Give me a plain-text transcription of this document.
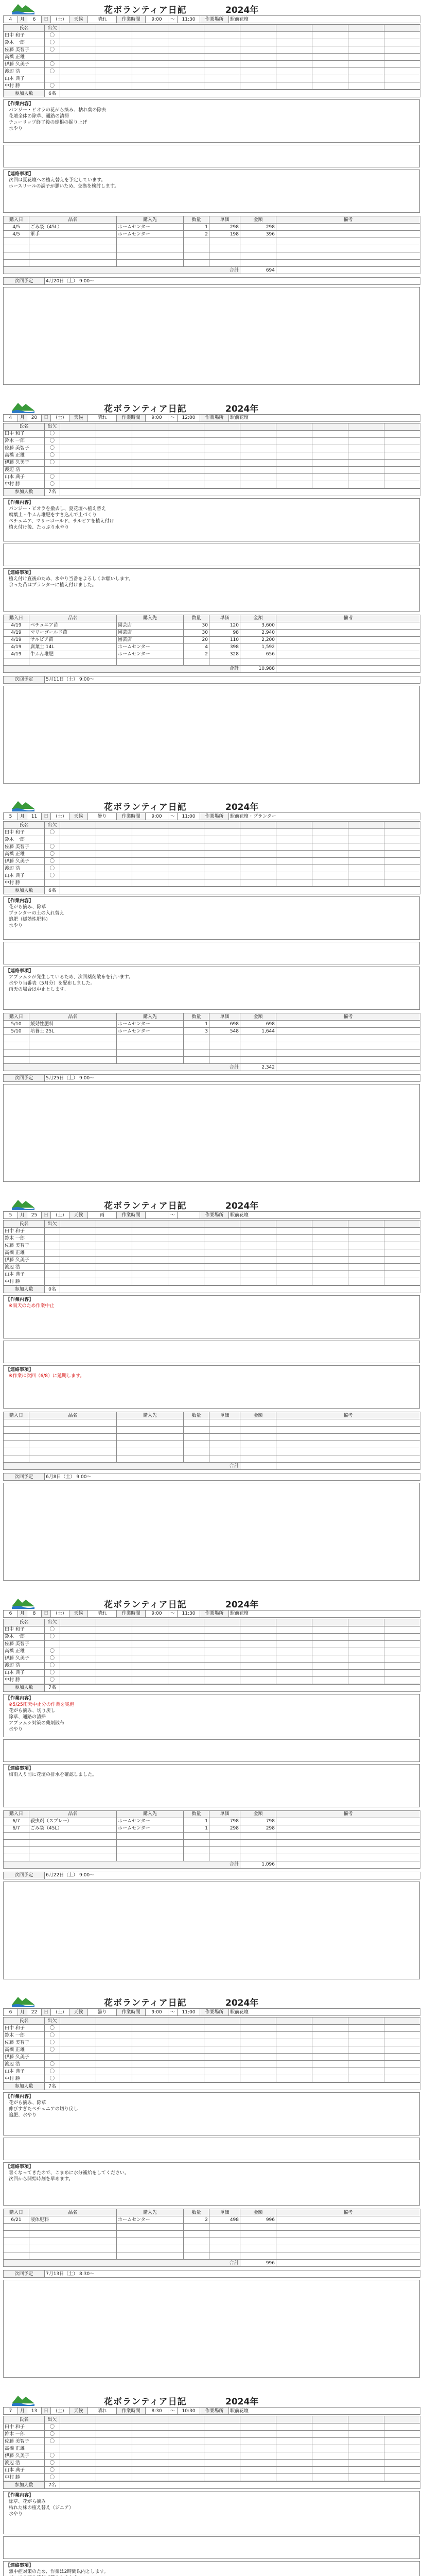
花ボランティア日記	2024年
4	月	6	日	(土)	天候	晴れ	作業時間	9:00	〜	11:30	作業場所	駅前花壇
氏名	出欠										
田中 和子	〇										
鈴木 一郎	〇										
佐藤 美智子	〇										
高橋 正雄											
伊藤 久美子	〇										
渡辺 浩	〇										
山本 典子											
中村 勝	〇										
参加人数	6名	
【作業内容】
パンジー・ビオラの花がら摘み、枯れ葉の除去
花壇全体の除草、通路の清掃
チューリップ終了後の球根の掘り上げ
水やり
【連絡事項】
次回は夏花壇への植え替えを予定しています。
ホースリールの調子が悪いため、交換を検討します。
購入日	品名	購入先	数量	単価	金額	備考
4/5	ごみ袋（45L）	ホームセンター	1	298	298	
4/5	軍手	ホームセンター	2	198	396	

合計					694	
次回予定	4月20日（土） 9:00〜
花ボランティア日記	2024年
4	月	20	日	(土)	天候	晴れ	作業時間	9:00	〜	12:00	作業場所	駅前花壇
氏名	出欠										
田中 和子	〇										
鈴木 一郎	〇										
佐藤 美智子	〇										
高橋 正雄	〇										
伊藤 久美子	〇										
渡辺 浩											
山本 典子	〇										
中村 勝	〇										
参加人数	7名	
【作業内容】
パンジー・ビオラを撤去し、夏花壇へ植え替え
腐葉土・牛ふん堆肥をすき込んで土づくり
ペチュニア、マリーゴールド、サルビアを植え付け
植え付け後、たっぷり水やり
【連絡事項】
植え付け直後のため、水やり当番をよろしくお願いします。
余った苗はプランターに植え付けました。
購入日	品名	購入先	数量	単価	金額	備考
4/19	ペチュニア苗	園芸店	30	120	3,600	
4/19	マリーゴールド苗	園芸店	30	98	2,940	
4/19	サルビア苗	園芸店	20	110	2,200	
4/19	腐葉土 14L	ホームセンター	4	398	1,592	
4/19	牛ふん堆肥	ホームセンター	2	328	656	

合計					10,988	
次回予定	5月11日（土） 9:00〜
花ボランティア日記	2024年
5	月	11	日	(土)	天候	曇り	作業時間	9:00	〜	11:00	作業場所	駅前花壇・プランター
氏名	出欠										
田中 和子	〇										
鈴木 一郎											
佐藤 美智子	〇										
高橋 正雄	〇										
伊藤 久美子	〇										
渡辺 浩	〇										
山本 典子	〇										
中村 勝											
参加人数	6名	
【作業内容】
花がら摘み、除草
プランターの土の入れ替え
追肥（緩効性肥料）
水やり
【連絡事項】
アブラムシが発生しているため、次回薬剤散布を行います。
水やり当番表（5月分）を配布しました。
雨天の場合は中止とします。
購入日	品名	購入先	数量	単価	金額	備考
5/10	緩効性肥料	ホームセンター	1	698	698	
5/10	培養土 25L	ホームセンター	3	548	1,644	

合計					2,342	
次回予定	5月25日（土） 9:00〜
花ボランティア日記	2024年
5	月	25	日	(土)	天候	雨	作業時間		〜		作業場所	駅前花壇
氏名	出欠										
田中 和子											
鈴木 一郎											
佐藤 美智子											
高橋 正雄											
伊藤 久美子											
渡辺 浩											
山本 典子											
中村 勝											
参加人数	0名	
【作業内容】
※雨天のため作業中止
【連絡事項】
※作業は次回（6/8）に延期します。
購入日	品名	購入先	数量	単価	金額	備考

合計						
次回予定	6月8日（土） 9:00〜
花ボランティア日記	2024年
6	月	8	日	(土)	天候	晴れ	作業時間	9:00	〜	11:30	作業場所	駅前花壇
氏名	出欠										
田中 和子	〇										
鈴木 一郎	〇										
佐藤 美智子											
高橋 正雄	〇										
伊藤 久美子	〇										
渡辺 浩	〇										
山本 典子	〇										
中村 勝	〇										
参加人数	7名	
【作業内容】
※5/25雨天中止分の作業を実施
花がら摘み、切り戻し
除草、通路の清掃
アブラムシ対策の薬剤散布
水やり
【連絡事項】
梅雨入り前に花壇の排水を確認しました。
購入日	品名	購入先	数量	単価	金額	備考
6/7	殺虫剤（スプレー）	ホームセンター	1	798	798	
6/7	ごみ袋（45L）	ホームセンター	1	298	298	

合計					1,096	
次回予定	6月22日（土） 9:00〜
花ボランティア日記	2024年
6	月	22	日	(土)	天候	曇り	作業時間	9:00	〜	11:00	作業場所	駅前花壇
氏名	出欠										
田中 和子	〇										
鈴木 一郎	〇										
佐藤 美智子	〇										
高橋 正雄	〇										
伊藤 久美子											
渡辺 浩	〇										
山本 典子	〇										
中村 勝	〇										
参加人数	7名	
【作業内容】
花がら摘み、除草
伸びすぎたペチュニアの切り戻し
追肥、水やり
【連絡事項】
暑くなってきたので、こまめに水分補給をしてください。
次回から開始時刻を早めます。
購入日	品名	購入先	数量	単価	金額	備考
6/21	液体肥料	ホームセンター	2	498	996	

合計					996	
次回予定	7月13日（土） 8:30〜
花ボランティア日記	2024年
7	月	13	日	(土)	天候	晴れ	作業時間	8:30	〜	10:30	作業場所	駅前花壇
氏名	出欠										
田中 和子	〇										
鈴木 一郎	〇										
佐藤 美智子	〇										
高橋 正雄											
伊藤 久美子	〇										
渡辺 浩	〇										
山本 典子	〇										
中村 勝	〇										
参加人数	7名	
【作業内容】
除草、花がら摘み
枯れた株の植え替え（ジニア）
水やり
【連絡事項】
熱中症対策のため、作業は2時間以内とします。
